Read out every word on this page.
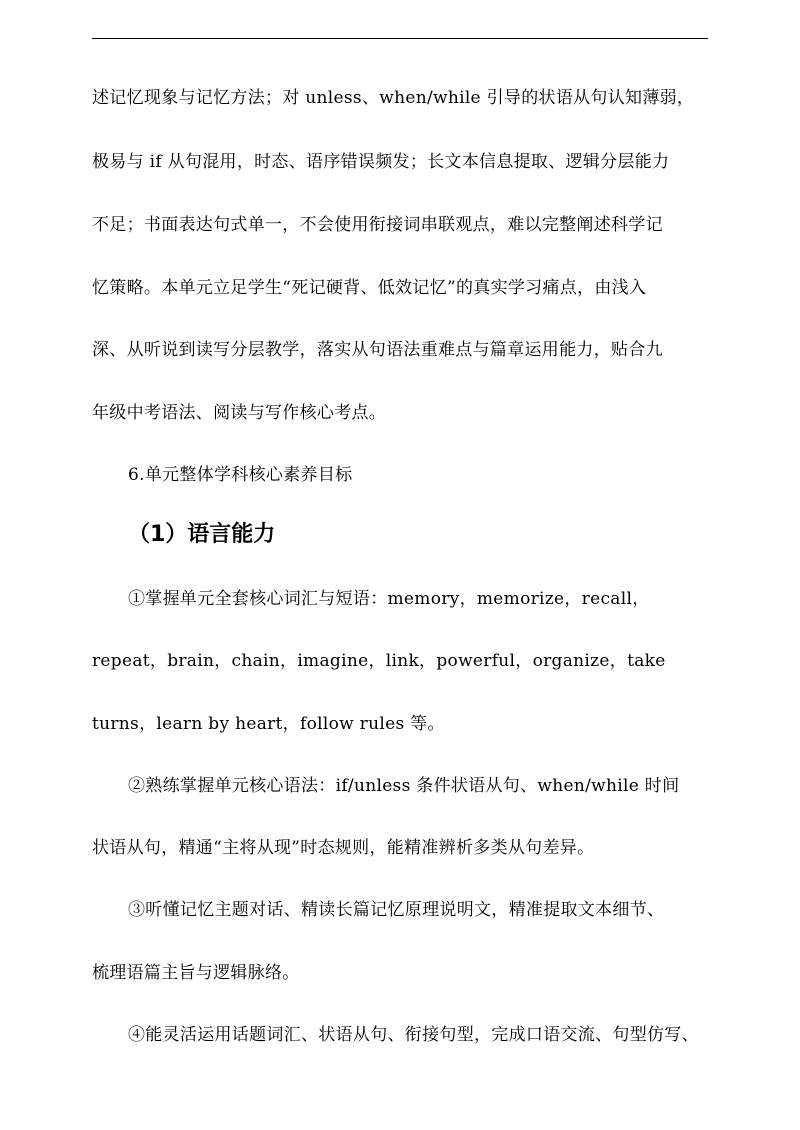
述记忆现象与记忆方法；对 unless、when/while 引导的状语从句认知薄弱，
极易与 if 从句混用，时态、语序错误频发；长文本信息提取、逻辑分层能力
不足；书面表达句式单一，不会使用衔接词串联观点，难以完整阐述科学记
忆策略。本单元立足学生“死记硬背、低效记忆”的真实学习痛点，由浅入
深、从听说到读写分层教学，落实从句语法重难点与篇章运用能力，贴合九
年级中考语法、阅读与写作核心考点。
6.单元整体学科核心素养目标
（1）语言能力
①掌握单元全套核心词汇与短语：memory，memorize，recall，
repeat，brain，chain，imagine，link，powerful，organize，take
turns，learn by heart，follow rules 等。
②熟练掌握单元核心语法：if/unless 条件状语从句、when/while 时间
状语从句，精通“主将从现”时态规则，能精准辨析多类从句差异。
③听懂记忆主题对话、精读长篇记忆原理说明文，精准提取文本细节、
梳理语篇主旨与逻辑脉络。
④能灵活运用话题词汇、状语从句、衔接句型，完成口语交流、句型仿写、
